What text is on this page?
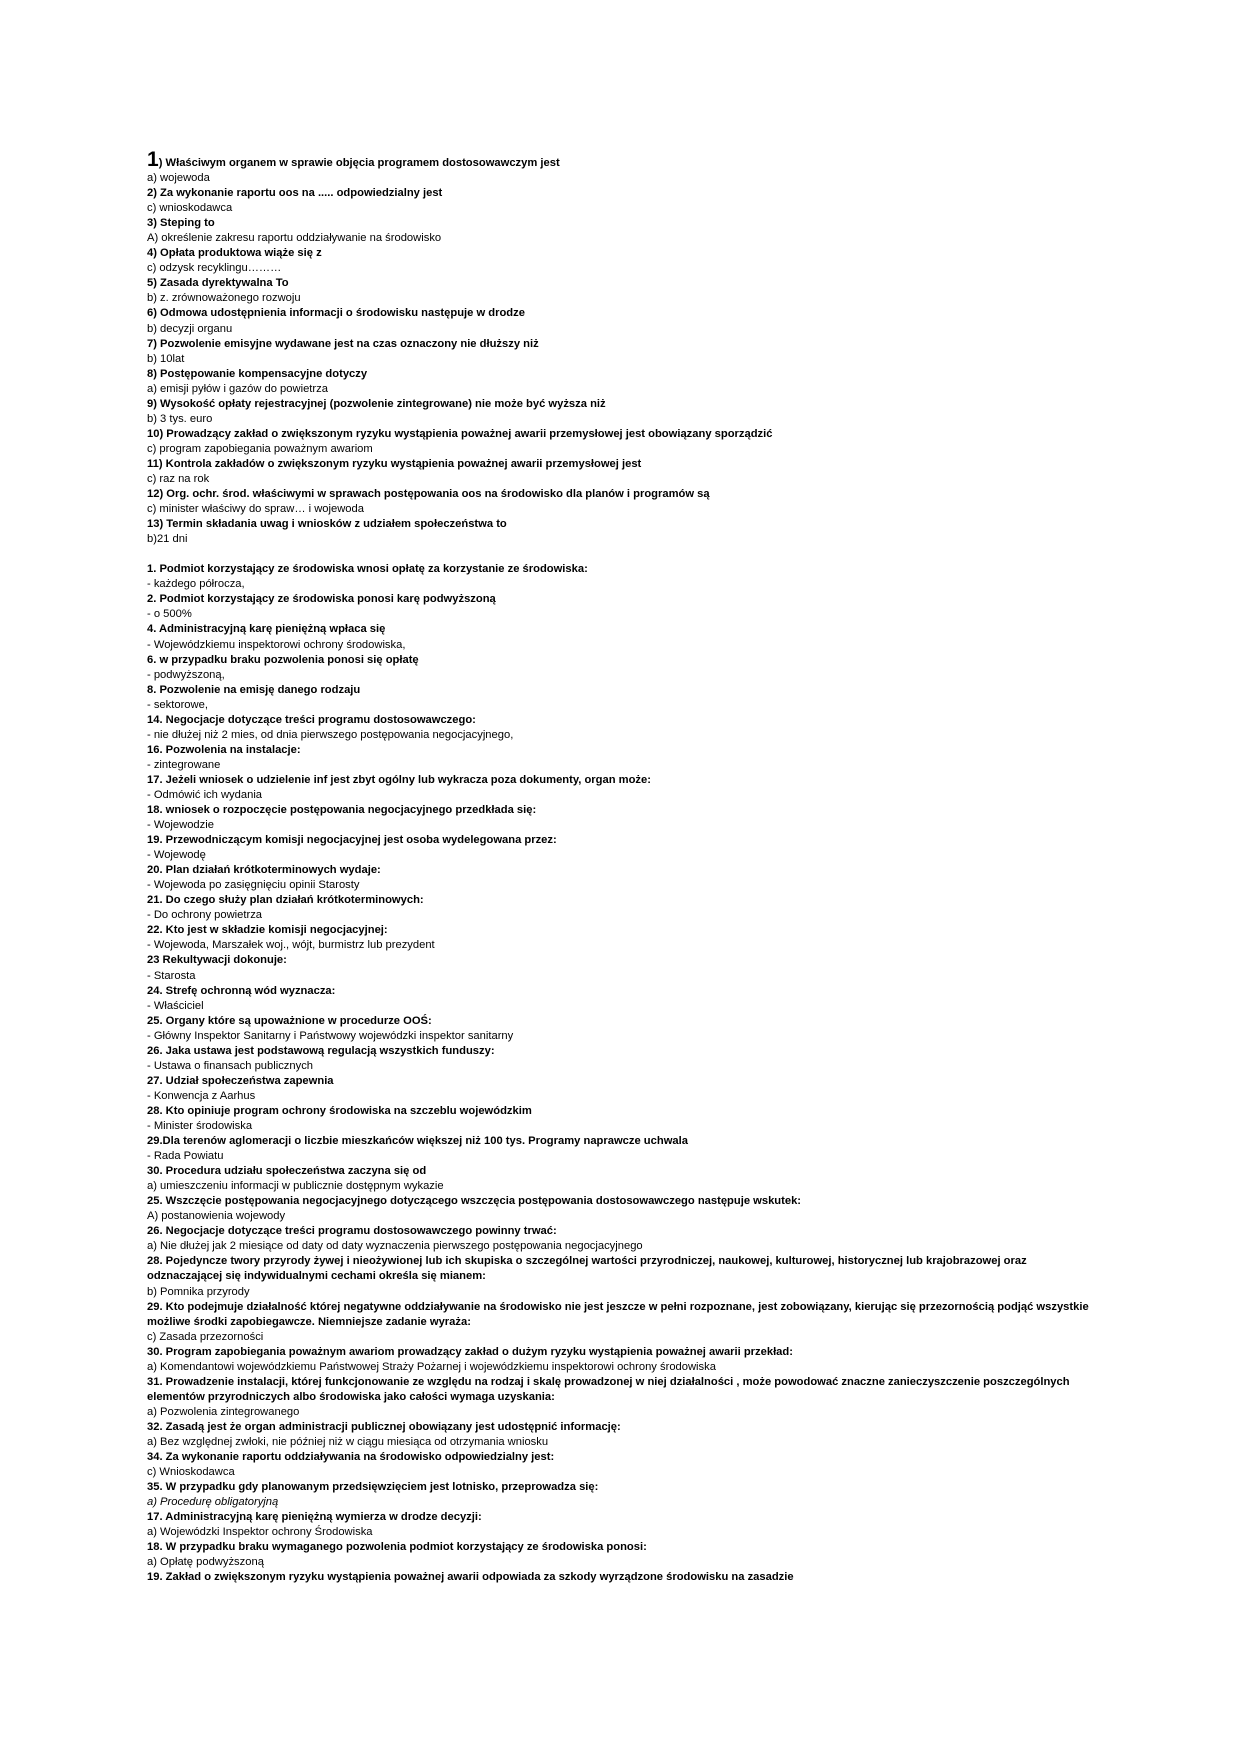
1) Właściwym organem w sprawie objęcia programem dostosowawczym jest
a) wojewoda
2) Za wykonanie raportu oos na ..... odpowiedzialny jest
c) wnioskodawca
3) Steping to
A) określenie zakresu raportu oddziaływanie na środowisko
4) Opłata produktowa wiąże się z
c) odzysk recyklingu………
5) Zasada dyrektywalna To
b) z. zrównoważonego rozwoju
6) Odmowa udostępnienia informacji o środowisku następuje w drodze
b) decyzji organu
7) Pozwolenie emisyjne wydawane jest na czas oznaczony nie dłuższy niż
b) 10lat
8) Postępowanie kompensacyjne dotyczy
a) emisji pyłów i gazów do powietrza
9) Wysokość opłaty rejestracyjnej (pozwolenie zintegrowane) nie może być wyższa niż
b) 3 tys. euro
10) Prowadzący zakład o zwiększonym ryzyku wystąpienia poważnej awarii przemysłowej jest obowiązany sporządzić
c) program zapobiegania poważnym awariom
11) Kontrola zakładów o zwiększonym ryzyku wystąpienia poważnej awarii przemysłowej jest
c) raz na rok
12) Org. ochr. środ. właściwymi w sprawach postępowania oos na środowisko dla planów i programów są
c) minister właściwy do spraw… i wojewoda
13) Termin składania uwag i wniosków z udziałem społeczeństwa to
b)21 dni
1. Podmiot korzystający ze środowiska wnosi opłatę za korzystanie ze środowiska:
- każdego półrocza,
2. Podmiot korzystający ze środowiska ponosi karę podwyższoną
- o 500%
4. Administracyjną karę pieniężną wpłaca się
- Wojewódzkiemu inspektorowi ochrony środowiska,
6. w przypadku braku pozwolenia ponosi się opłatę
- podwyższoną,
8. Pozwolenie na emisję danego rodzaju
- sektorowe,
14. Negocjacje dotyczące treści programu dostosowawczego:
- nie dłużej niż 2 mies, od dnia pierwszego postępowania negocjacyjnego,
16. Pozwolenia na instalacje:
- zintegrowane
17. Jeżeli wniosek o udzielenie inf jest zbyt ogólny lub wykracza poza dokumenty, organ może:
- Odmówić ich wydania
18. wniosek o rozpoczęcie postępowania negocjacyjnego przedkłada się:
- Wojewodzie
19. Przewodniczącym komisji negocjacyjnej jest osoba wydelegowana przez:
- Wojewodę
20. Plan działań krótkoterminowych wydaje:
- Wojewoda po zasięgnięciu opinii Starosty
21. Do czego służy plan działań krótkoterminowych:
- Do ochrony powietrza
22. Kto jest w składzie komisji negocjacyjnej:
- Wojewoda, Marszałek woj., wójt, burmistrz lub prezydent
23 Rekultywacji dokonuje:
- Starosta
24. Strefę ochronną wód wyznacza:
- Właściciel
25. Organy które są upoważnione w procedurze OOŚ:
- Główny Inspektor Sanitarny i Państwowy wojewódzki inspektor sanitarny
26. Jaka ustawa jest podstawową regulacją wszystkich funduszy:
- Ustawa o finansach publicznych
27. Udział społeczeństwa zapewnia
- Konwencja z Aarhus
28. Kto opiniuje program ochrony środowiska na szczeblu wojewódzkim
- Minister środowiska
29.Dla terenów aglomeracji o liczbie mieszkańców większej niż 100 tys. Programy naprawcze uchwala
- Rada Powiatu
30. Procedura udziału społeczeństwa zaczyna się od
a) umieszczeniu informacji w publicznie dostępnym wykazie
25. Wszczęcie postępowania negocjacyjnego dotyczącego wszczęcia postępowania dostosowawczego następuje wskutek:
A) postanowienia wojewody
26. Negocjacje dotyczące treści programu dostosowawczego powinny trwać:
a) Nie dłużej jak 2 miesiące od daty od daty wyznaczenia pierwszego postępowania negocjacyjnego
28. Pojedyncze twory przyrody żywej i nieożywionej lub ich skupiska o szczególnej wartości przyrodniczej, naukowej, kulturowej, historycznej lub krajobrazowej oraz odznaczającej się indywidualnymi cechami określa się mianem:
b) Pomnika przyrody
29. Kto podejmuje działalność której negatywne oddziaływanie na środowisko nie jest jeszcze w pełni rozpoznane, jest zobowiązany, kierując się przezornością podjąć wszystkie możliwe środki zapobiegawcze. Niemniejsze zadanie wyraża:
c) Zasada przezorności
30. Program zapobiegania poważnym awariom prowadzący zakład o dużym ryzyku wystąpienia poważnej awarii przekład:
a) Komendantowi wojewódzkiemu Państwowej Straży Pożarnej i wojewódzkiemu inspektorowi ochrony środowiska
31. Prowadzenie instalacji, której funkcjonowanie ze względu na rodzaj i skalę prowadzonej w niej działalności , może powodować znaczne zanieczyszczenie poszczególnych elementów przyrodniczych albo środowiska jako całości wymaga uzyskania:
a) Pozwolenia zintegrowanego
32. Zasadą jest że organ administracji publicznej obowiązany jest udostępnić informację:
a) Bez względnej zwłoki, nie później niż w ciągu miesiąca od otrzymania wniosku
34. Za wykonanie raportu oddziaływania na środowisko odpowiedzialny jest:
c) Wnioskodawca
35. W przypadku gdy planowanym przedsięwzięciem jest lotnisko, przeprowadza się:
a) Procedurę obligatoryjną
17. Administracyjną karę pieniężną wymierza w drodze decyzji:
a) Wojewódzki Inspektor ochrony Środowiska
18. W przypadku braku wymaganego pozwolenia podmiot korzystający ze środowiska ponosi:
a) Opłatę podwyższoną
19. Zakład o zwiększonym ryzyku wystąpienia poważnej awarii odpowiada za szkody wyrządzone środowisku na zasadzie
